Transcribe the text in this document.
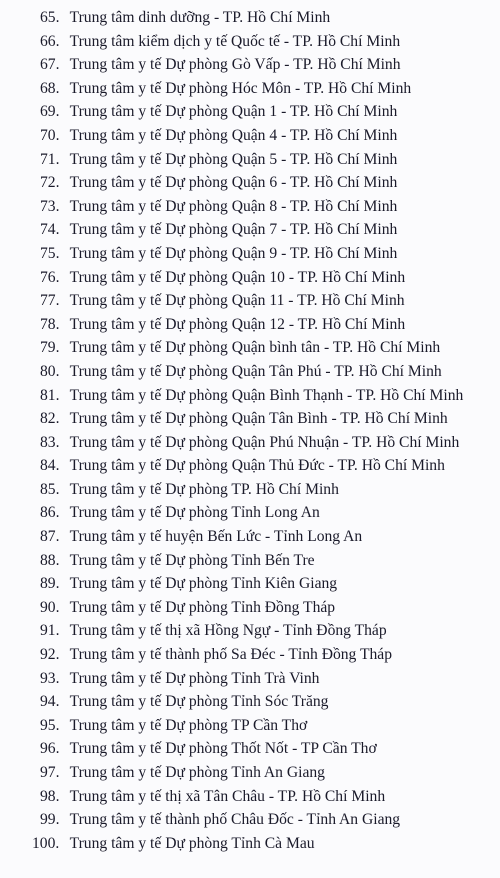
65. Trung tâm dinh dưỡng - TP. Hồ Chí Minh
66. Trung tâm kiểm dịch y tế Quốc tế - TP. Hồ Chí Minh
67. Trung tâm y tế Dự phòng Gò Vấp - TP. Hồ Chí Minh
68. Trung tâm y tế Dự phòng Hóc Môn - TP. Hồ Chí Minh
69. Trung tâm y tế Dự phòng Quận 1 - TP. Hồ Chí Minh
70. Trung tâm y tế Dự phòng Quận 4 - TP. Hồ Chí Minh
71. Trung tâm y tế Dự phòng Quận 5 - TP. Hồ Chí Minh
72. Trung tâm y tế Dự phòng Quận 6 - TP. Hồ Chí Minh
73. Trung tâm y tế Dự phòng Quận 8 - TP. Hồ Chí Minh
74. Trung tâm y tế Dự phòng Quận 7 - TP. Hồ Chí Minh
75. Trung tâm y tế Dự phòng Quận 9 - TP. Hồ Chí Minh
76. Trung tâm y tế Dự phòng Quận 10 - TP. Hồ Chí Minh
77. Trung tâm y tế Dự phòng Quận 11 - TP. Hồ Chí Minh
78. Trung tâm y tế Dự phòng Quận 12 - TP. Hồ Chí Minh
79. Trung tâm y tế Dự phòng Quận bình tân - TP. Hồ Chí Minh
80. Trung tâm y tế Dự phòng Quận Tân Phú - TP. Hồ Chí Minh
81. Trung tâm y tế Dự phòng Quận Bình Thạnh - TP. Hồ Chí Minh
82. Trung tâm y tế Dự phòng Quận Tân Bình - TP. Hồ Chí Minh
83. Trung tâm y tế Dự phòng Quận Phú Nhuận - TP. Hồ Chí Minh
84. Trung tâm y tế Dự phòng Quận Thủ Đức - TP. Hồ Chí Minh
85. Trung tâm y tế Dự phòng TP. Hồ Chí Minh
86. Trung tâm y tế Dự phòng Tỉnh Long An
87. Trung tâm y tế huyện Bến Lức - Tỉnh Long An
88. Trung tâm y tế Dự phòng Tỉnh Bến Tre
89. Trung tâm y tế Dự phòng Tỉnh Kiên Giang
90. Trung tâm y tế Dự phòng Tỉnh Đồng Tháp
91. Trung tâm y tế thị xã Hồng Ngự - Tỉnh Đồng Tháp
92. Trung tâm y tế thành phố Sa Đéc - Tỉnh Đồng Tháp
93. Trung tâm y tế Dự phòng Tỉnh Trà Vinh
94. Trung tâm y tế Dự phòng Tỉnh Sóc Trăng
95. Trung tâm y tế Dự phòng TP Cần Thơ
96. Trung tâm y tế Dự phòng Thốt Nốt - TP Cần Thơ
97. Trung tâm y tế Dự phòng Tỉnh An Giang
98. Trung tâm y tế thị xã Tân Châu - TP. Hồ Chí Minh
99. Trung tâm y tế thành phố Châu Đốc - Tỉnh An Giang
100. Trung tâm y tế Dự phòng Tỉnh Cà Mau
